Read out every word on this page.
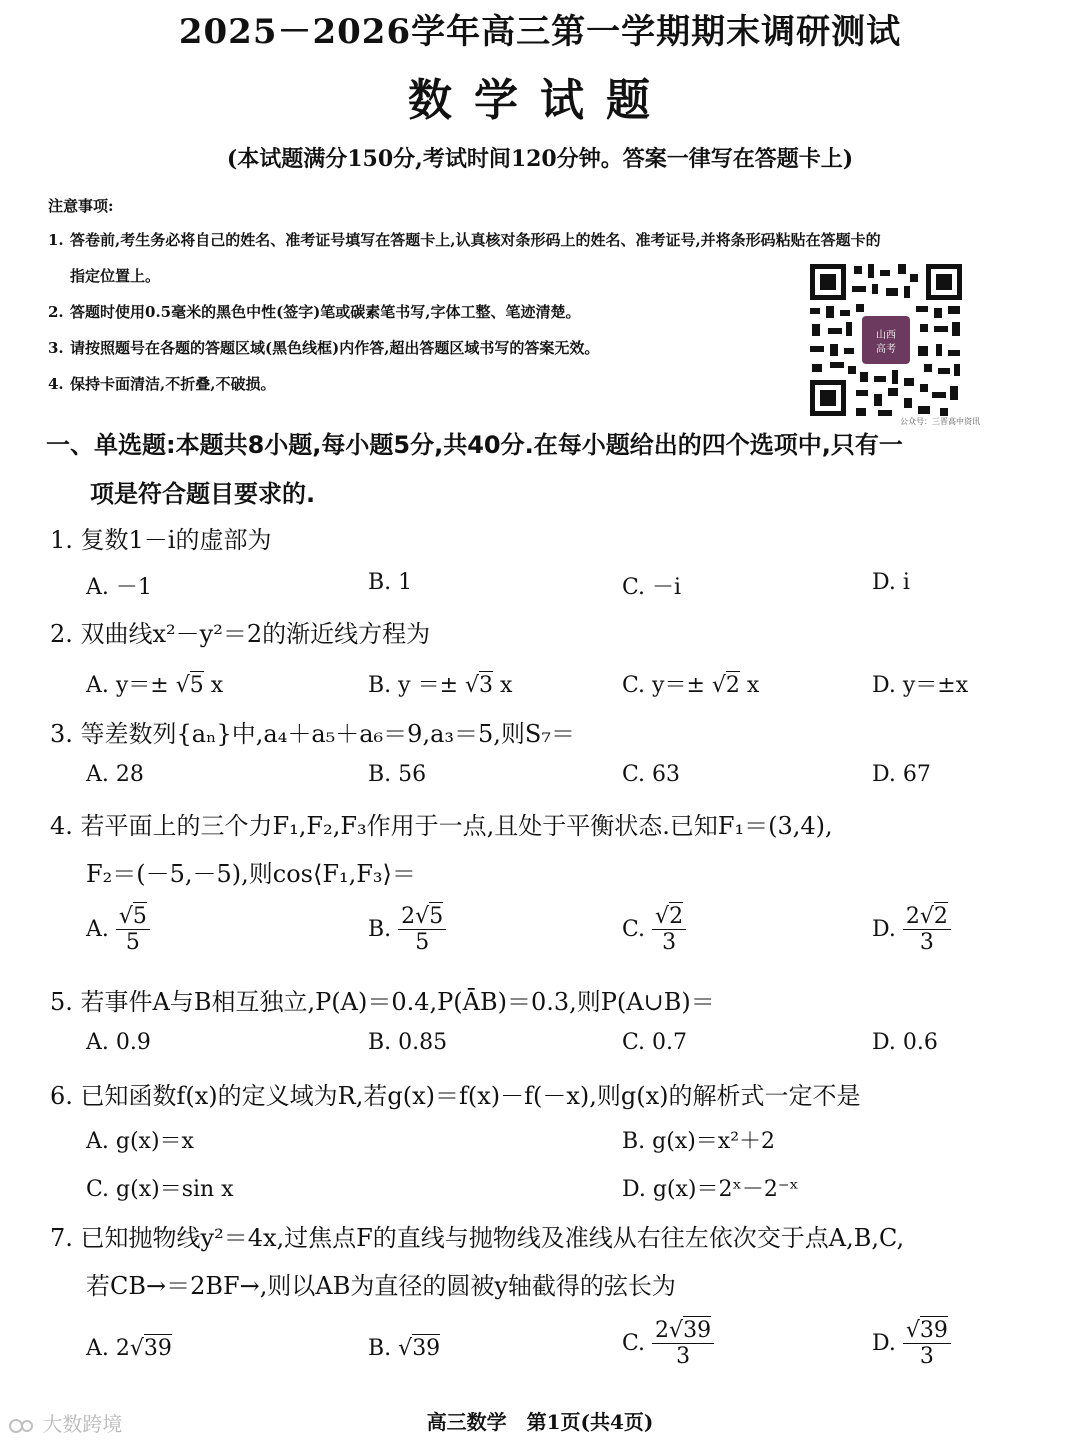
2025－2026学年高三第一学期期末调研测试
数学试题
(本试题满分150分,考试时间120分钟。答案一律写在答题卡上)
注意事项:
1. 答卷前,考生务必将自己的姓名、准考证号填写在答题卡上,认真核对条形码上的姓名、准考证号,并将条形码粘贴在答题卡的
指定位置上。
2. 答题时使用0.5毫米的黑色中性(签字)笔或碳素笔书写,字体工整、笔迹清楚。
3. 请按照题号在各题的答题区域(黑色线框)内作答,超出答题区域书写的答案无效。
4. 保持卡面清洁,不折叠,不破损。
山西
高考
公众号：三晋高中资讯
一、单选题:本题共8小题,每小题5分,共40分.在每小题给出的四个选项中,只有一
项是符合题目要求的.
1. 复数1－i的虚部为
A. －1	B. 1	C. －i	D. i
2. 双曲线x²－y²＝2的渐近线方程为
A. y＝± √5 x	B. y ＝± √3 x	C. y＝± √2 x	D. y＝±x
3. 等差数列{aₙ}中,a₄＋a₅＋a₆＝9,a₃＝5,则S₇＝
A. 28	B. 56	C. 63	D. 67
4. 若平面上的三个力F₁,F₂,F₃作用于一点,且处于平衡状态.已知F₁＝(3,4),
F₂＝(－5,－5),则cos⟨F₁,F₃⟩＝
A. $\frac{√5}{5}$	B. $\frac{2√5}{5}$	C. $\frac{√2}{3}$	D. $\frac{2√2}{3}$
5. 若事件A与B相互独立,P(A)＝0.4,P(ĀB)＝0.3,则P(A∪B)＝
A. 0.9	B. 0.85	C. 0.7	D. 0.6
6. 已知函数f(x)的定义域为R,若g(x)＝f(x)－f(－x),则g(x)的解析式一定不是
A. g(x)＝x	B. g(x)＝x²＋2
C. g(x)＝sin x	D. g(x)＝2ˣ－2⁻ˣ
7. 已知抛物线y²＝4x,过焦点F的直线与抛物线及准线从右往左依次交于点A,B,C,
若CB→＝2BF→,则以AB为直径的圆被y轴截得的弦长为
A. 2√39	B. √39	C. $\frac{2√39}{3}$	D. $\frac{√39}{3}$
高三数学　第1页(共4页)
大数跨境
